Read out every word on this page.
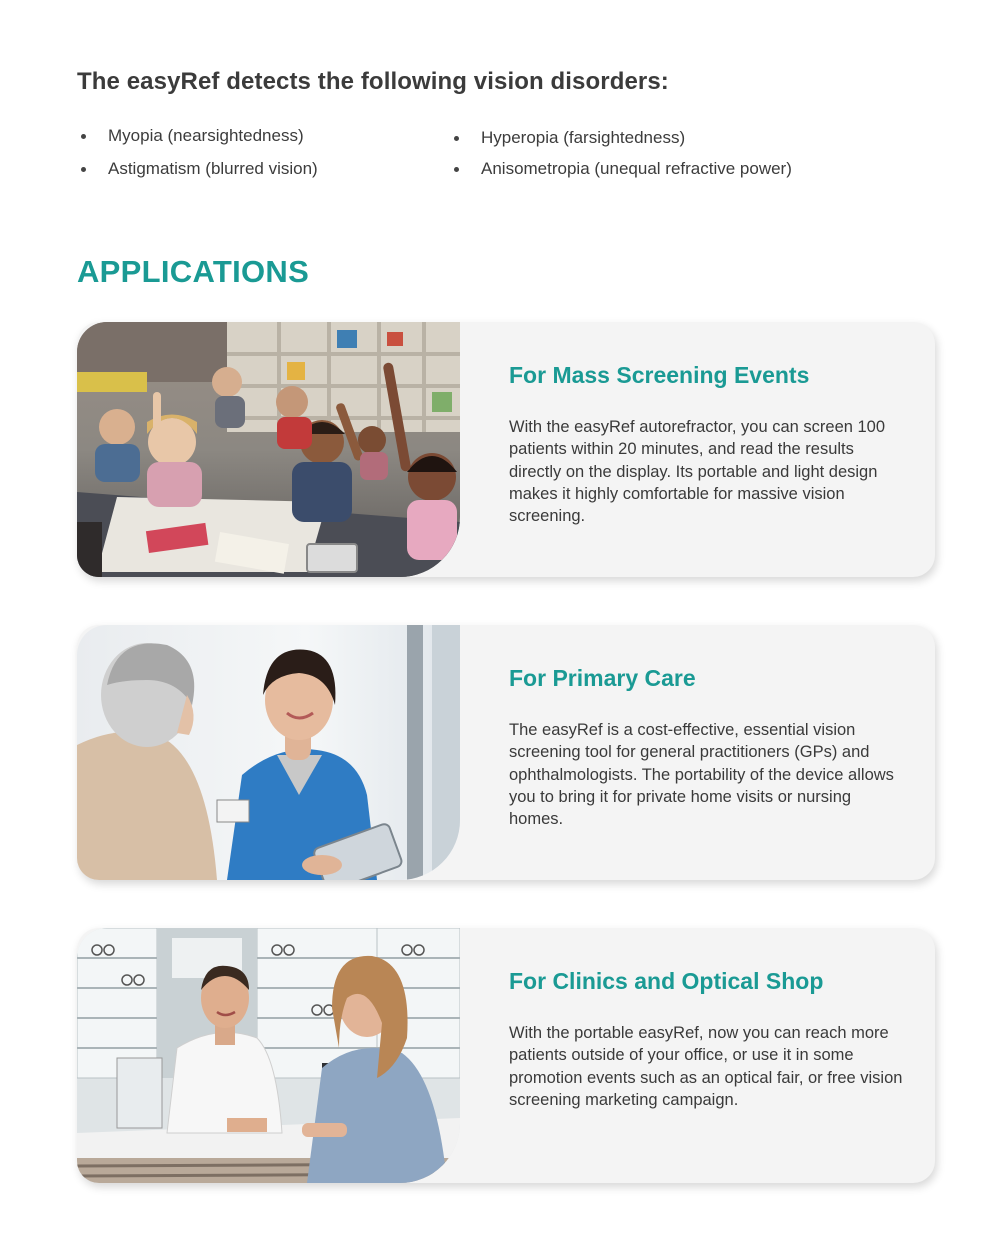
The easyRef detects the following vision disorders:
Myopia (nearsightedness)	Hyperopia (farsightedness)
Astigmatism (blurred vision)	Anisometropia (unequal refractive power)
APPLICATIONS
For Mass Screening Events

With the easyRef autorefractor, you can screen 100 patients within 20 minutes, and read the results directly on the display. Its portable and light design makes it highly comfortable for massive vision screening.

For Primary Care

The easyRef is a cost-effective, essential vision screening tool for general practitioners (GPs) and ophthalmologists. The portability of the device allows you to bring it for private home visits or nursing homes.

For Clinics and Optical Shop

With the portable easyRef, now you can reach more patients outside of your office, or use it in some promotion events such as an optical fair, or free vision screening marketing campaign.
